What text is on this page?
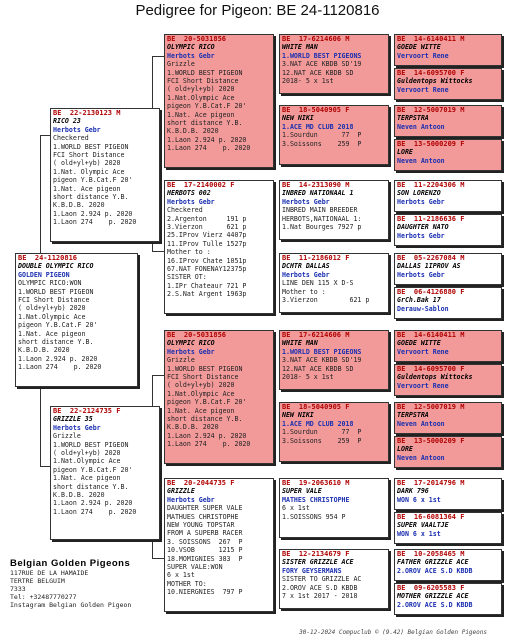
Pedigree for Pigeon: BE 24-1120816
BE  24-1120816
DOUBLE OLYMPIC RICO
GOLDEN PIGEON
OLYMPIC RICO:WON
1.WORLD BEST PIGEON
FCI Short Distance
( old+yl+yb) 2020
1.Nat.Olympic Ace
pigeon Y.B.Cat.F 20'
1.Nat. Ace pigeon
short distance Y.B.
K.B.D.B. 2020
1.Laon 2.924 p. 2020
1.Laon 274    p. 2020
BE  22-2130123 M
RICO 23
Herbots Gebr
Checkered
1.WORLD BEST PIGEON
FCI Short Distance
( old+yl+yb) 2020
1.Nat. Olympic Ace
pigeon Y.B.Cat.F 20'
1.Nat. Ace pigeon
short distance Y.B.
K.B.D.B. 2020
1.Laon 2.924 p. 2020
1.Laon 274    p. 2020
BE  22-2124735 F
GRIZZLE 35
Herbots Gebr
Grizzle
1.WORLD BEST PIGEON
( old+yl+yb) 2020
1.Nat.Olympic Ace
pigeon Y.B.Cat.F 20'
1.Nat. Ace pigeon
short distance Y.B.
K.B.D.B. 2020
1.Laon 2.924 p. 2020
1.Laon 274    p. 2020
BE  20-5031856
OLYMPIC RICO
Herbots Gebr
Grizzle
1.WORLD BEST PIGEON
FCI Short Distance
( old+yl+yb) 2020
1.Nat.Olympic Ace
pigeon Y.B.Cat.F 20'
1.Nat. Ace pigeon
short distance Y.B.
K.B.D.B. 2020
1.Laon 2.924 p. 2020
1.Laon 274    p. 2020
BE  17-2140002 F
HERBOTS 002
Herbots Gebr
Checkered
2.Argenton     191 p
3.Vierzon      621 p
25.IProv Vierz 4407p
11.IProv Tulle 1527p
Mother to :
16.IProv Chate 1051p
67.NAT FONENAY12375p
SISTER OT:
1.IPr Chateaur 721 P
2.S.Nat Argent 1963p
BE  20-5031856
OLYMPIC RICO
Herbots Gebr
Grizzle
1.WORLD BEST PIGEON
FCI Short Distance
( old+yl+yb) 2020
1.Nat.Olympic Ace
pigeon Y.B.Cat.F 20'
1.Nat. Ace pigeon
short distance Y.B.
K.B.D.B. 2020
1.Laon 2.924 p. 2020
1.Laon 274    p. 2020
BE  20-2044735 F
GRIZZLE
Herbots Gebr
DAUGHTER SUPER VALE
MATHUES CHRISTOPHE
NEW YOUNG TOPSTAR
FROM A SUPERB RACER
3. SOISSONS  267  P
10.VSOB      1215 P
18.MOMIGNIES 383  P
SUPER VALE:WON
6 x 1st
MOTHER TO:
10.NIERGNIES  797 P
BE  17-6214606 M
WHITE MAN
1.WORLD BEST PIGEONS
3.NAT ACE KBDB SD'19
12.NAT ACE KBDB SD
2018- 5 x 1st
BE  18-5040905 F
NEW NIKI
1.ACE MD CLUB 2018
1.Sourdun      77  P
3.Soissons    259  P
BE  14-2313090 M
INBRED NATIONAAL 1
Herbots Gebr
INBRED MAIN BREEDER
HERBOTS,NATIONAAL 1:
1.Nat Bourges 7927 p
BE  11-2186012 F
DCHTR DALLAS
Herbots Gebr
LINE DEN 115 X D-S
Mother to :
3.Vierzon        621 p
BE  17-6214606 M
WHITE MAN
1.WORLD BEST PIGEONS
3.NAT ACE KBDB SD'19
12.NAT ACE KBDB SD
2018- 5 x 1st
BE  18-5040905 F
NEW NIKI
1.ACE MD CLUB 2018
1.Sourdun      77  P
3.Soissons    259  P
BE  19-2063610 M
SUPER VALE
MATHES CHRISTOPHE
6 x 1st
1.SOISSONS 954 P
BE  12-2134679 F
SISTER GRIZZLE ACE
FORY GEYSERMANS
SISTER TO GRIZZLE AC
2.OROV ACE S.D KBDB
7 x 1st 2017 - 2018
BE  14-6140411 M
GOEDE WITTE
Vervoort Rene
BE  14-6095700 F
Guldentops Wittocks
Vervoort Rene
BE  12-5007019 M
TERPSTRA
Neven Antoon
BE  13-5000209 F
LORE
Neven Antoon
BE  11-2204306 M
SON LORENZO
Herbots Gebr
BE  11-2186636 F
DAUGHTER NATO
Herbots Gebr
BE  05-2267084 M
DALLAS 1IPROV AS
Herbots Gebr
BE  06-4126880 F
GrCh.Bak 17
Derauw-Sablon
BE  14-6140411 M
GOEDE WITTE
Vervoort Rene
BE  14-6095700 F
Guldentops Wittocks
Vervoort Rene
BE  12-5007019 M
TERPSTRA
Neven Antoon
BE  13-5000209 F
LORE
Neven Antoon
BE  17-2014796 M
DARK 796
WON 6 x 1st
BE  16-6081364 F
SUPER VAALTJE
WON 6 x 1st
BE  10-2058465 M
FATHER GRIZZLE ACE
2.OROV ACE S.D KBDB
BE  09-6205583 F
MOTHER GRIZZLE ACE
2.OROV ACE S.D KBDB
Belgian Golden Pigeons
117RUE DE LA HAMAIDE
TERTRE BELGUIM
7333
Tel: +32487770277
Instagram Belgian Golden Pigeon
30-12-2024 Compuclub © (9.42) Belgian Golden Pigeons
